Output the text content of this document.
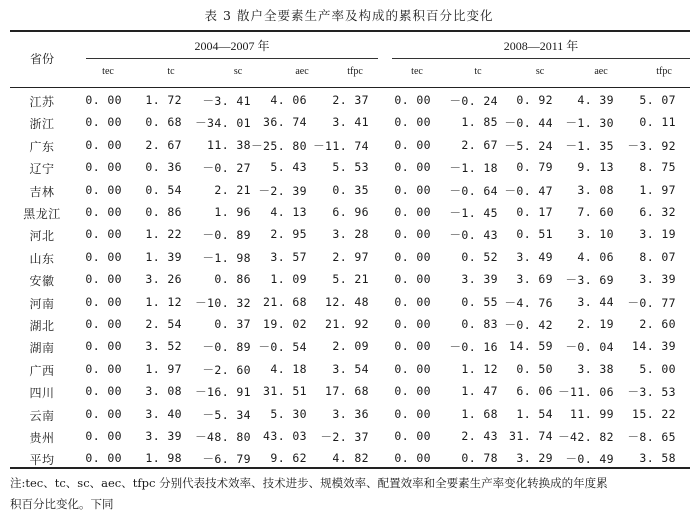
表 3 散户全要素生产率及构成的累积百分比变化
省份
2004—2007 年	2008—2011 年
tec	tc	sc	aec	tfpc	tec	tc	sc	aec	tfpc
江苏	0. 00	1. 72	－3. 41	4. 06	2. 37	0. 00	－0. 24	0. 92	4. 39	5. 07
浙江	0. 00	0. 68	－34. 01	36. 74	3. 41	0. 00	1. 85 －0. 44	－1. 30	0. 11
广东	0. 00	2. 67	11. 38 －25. 80 －11. 74	0. 00	2. 67 －5. 24	－1. 35	－3. 92
辽宁	0. 00	0. 36	－0. 27	5. 43	5. 53	0. 00	－1. 18	0. 79	9. 13	8. 75
吉林	0. 00	0. 54	2. 21 －2. 39	0. 35	0. 00	－0. 64 －0. 47	3. 08	1. 97
黑龙江	0. 00	0. 86	1. 96	4. 13	6. 96	0. 00	－1. 45	0. 17	7. 60	6. 32
河北	0. 00	1. 22	－0. 89	2. 95	3. 28	0. 00	－0. 43	0. 51	3. 10	3. 19
山东	0. 00	1. 39	－1. 98	3. 57	2. 97	0. 00	0. 52	3. 49	4. 06	8. 07
安徽	0. 00	3. 26	0. 86	1. 09	5. 21	0. 00	3. 39	3. 69	－3. 69	3. 39
河南	0. 00	1. 12	－10. 32	21. 68	12. 48	0. 00	0. 55 －4. 76	3. 44	－0. 77
湖北	0. 00	2. 54	0. 37	19. 02	21. 92	0. 00	0. 83 －0. 42	2. 19	2. 60
湖南	0. 00	3. 52	－0. 89 －0. 54	2. 09	0. 00	－0. 16 14. 59	－0. 04	14. 39
广西	0. 00	1. 97	－2. 60	4. 18	3. 54	0. 00	1. 12	0. 50	3. 38	5. 00
四川	0. 00	3. 08	－16. 91	31. 51	17. 68	0. 00	1. 47	6. 06 －11. 06	－3. 53
云南	0. 00	3. 40	－5. 34	5. 30	3. 36	0. 00	1. 68	1. 54	11. 99	15. 22
贵州	0. 00	3. 39	－48. 80	43. 03	－2. 37	0. 00	2. 43 31. 74 －42. 82	－8. 65
平均	0. 00	1. 98	－6. 79	9. 62	4. 82	0. 00	0. 78	3. 29	－0. 49	3. 58
注:tec、tc、sc、aec、tfpc 分别代表技术效率、技术进步、规模效率、配置效率和全要素生产率变化转换成的年度累
积百分比变化。下同
